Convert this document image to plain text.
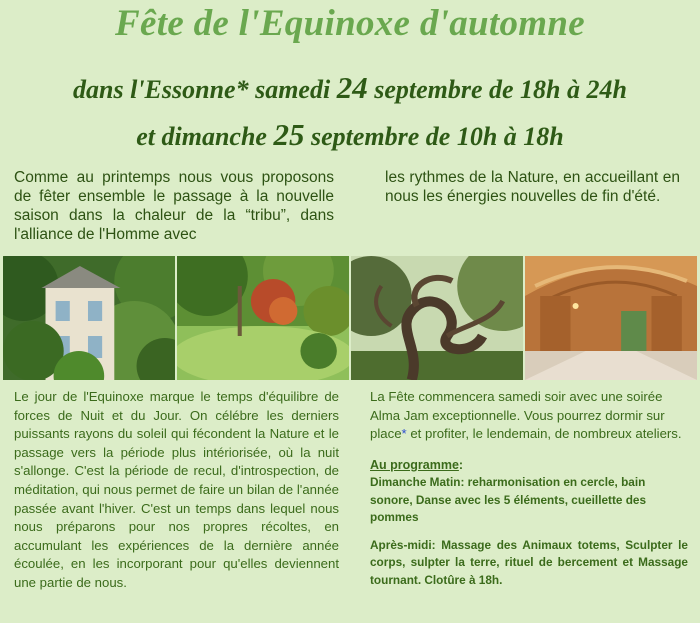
Fête de l'Equinoxe d'automne
dans l'Essonne* samedi 24 septembre de 18h à 24h
et dimanche 25 septembre de 10h à 18h

Comme au printemps nous vous proposons de fêter ensemble le passage à la nouvelle saison dans la chaleur de la “tribu”, dans l'alliance de l'Homme avec

les rythmes de la Nature, en accueillant en nous les énergies nouvelles de fin d'été.

Le jour de l'Equinoxe marque le temps d'équilibre de forces de Nuit et du Jour. On célébre les derniers puissants rayons du soleil qui fécondent la Nature et le passage vers la période plus intériorisée, où la nuit s'allonge. C'est la période de recul, d'introspection, de méditation, qui nous permet de faire un bilan de l'année passée avant l'hiver. C'est un temps dans lequel nous nous préparons pour nos propres récoltes, en accumulant les expériences de la dernière année écoulée, en les incorporant pour qu'elles deviennent une partie de nous.

La Fête commencera samedi soir avec une soirée Alma Jam exceptionnelle. Vous pourrez dormir sur place* et profiter, le lendemain, de nombreux ateliers.

Au programme:
Dimanche Matin: reharmonisation en cercle, bain sonore, Danse avec les 5 éléments, cueillette des pommes
Après-midi: Massage des Animaux totems, Sculpter le corps, sulpter la terre, rituel de bercement et Massage tournant. Clotûre à 18h.
